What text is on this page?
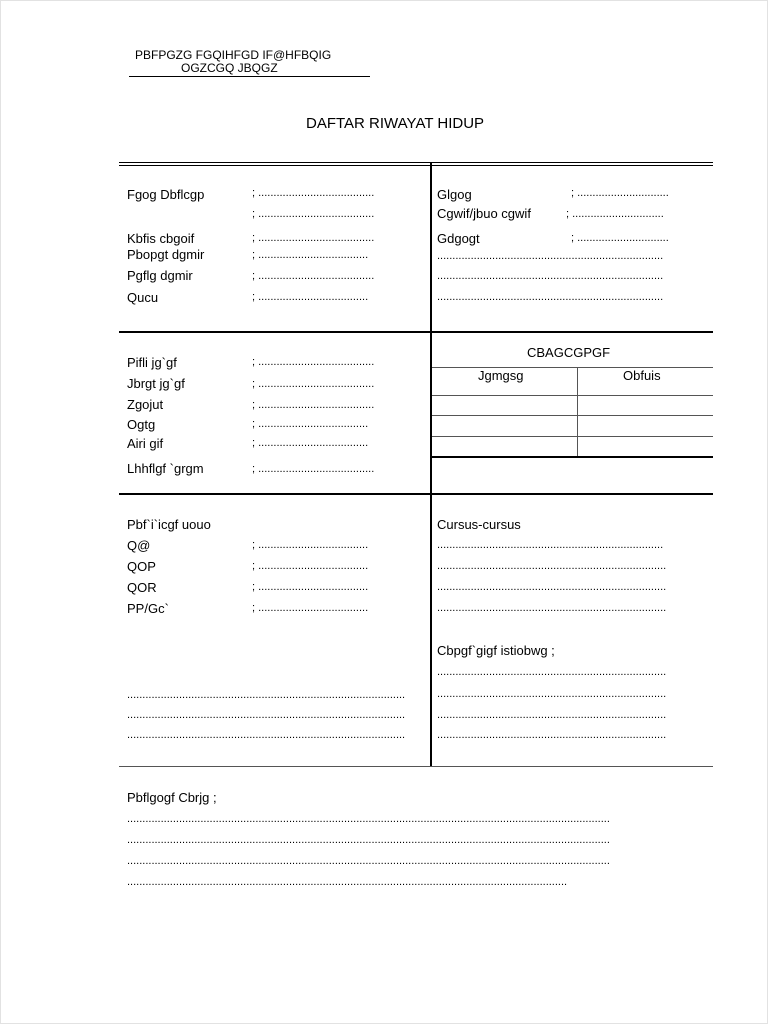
PBFPGZG FGQIHFGD IF@HFBQIG
OGZCGQ JBQGZ
DAFTAR RIWAYAT HIDUP
Fgog Dbflcgp	; ......................................
; ......................................
Kbfis cbgoif	; ......................................
Pbopgt dgmir	; ....................................
Pgflg dgmir	; ......................................
Qucu	; ....................................
Glgog	; ..............................
Cgwif/jbuo cgwif	; ..............................
Gdgogt	; ..............................
..........................................................................
..........................................................................
..........................................................................
Pifli jg`gf	; ......................................
Jbrgt jg`gf	; ......................................
Zgojut	; ......................................
Ogtg	; ....................................
Airi gif	; ....................................
Lhhflgf `grgm	; ......................................
CBAGCGPGF
Jgmgsg	Obfuis
Pbf`i`icgf uouo
Q@	; ....................................
QOP	; ....................................
QOR	; ....................................
PP/Gc`	; ....................................
...........................................................................................
...........................................................................................
...........................................................................................
Cursus-cursus
..........................................................................
...........................................................................
...........................................................................
...........................................................................
Cbpgf`gigf istiobwg ;
...........................................................................
...........................................................................
...........................................................................
...........................................................................
Pbflgogf Cbrjg ;
..............................................................................................................................................................
..............................................................................................................................................................
..............................................................................................................................................................
................................................................................................................................................
